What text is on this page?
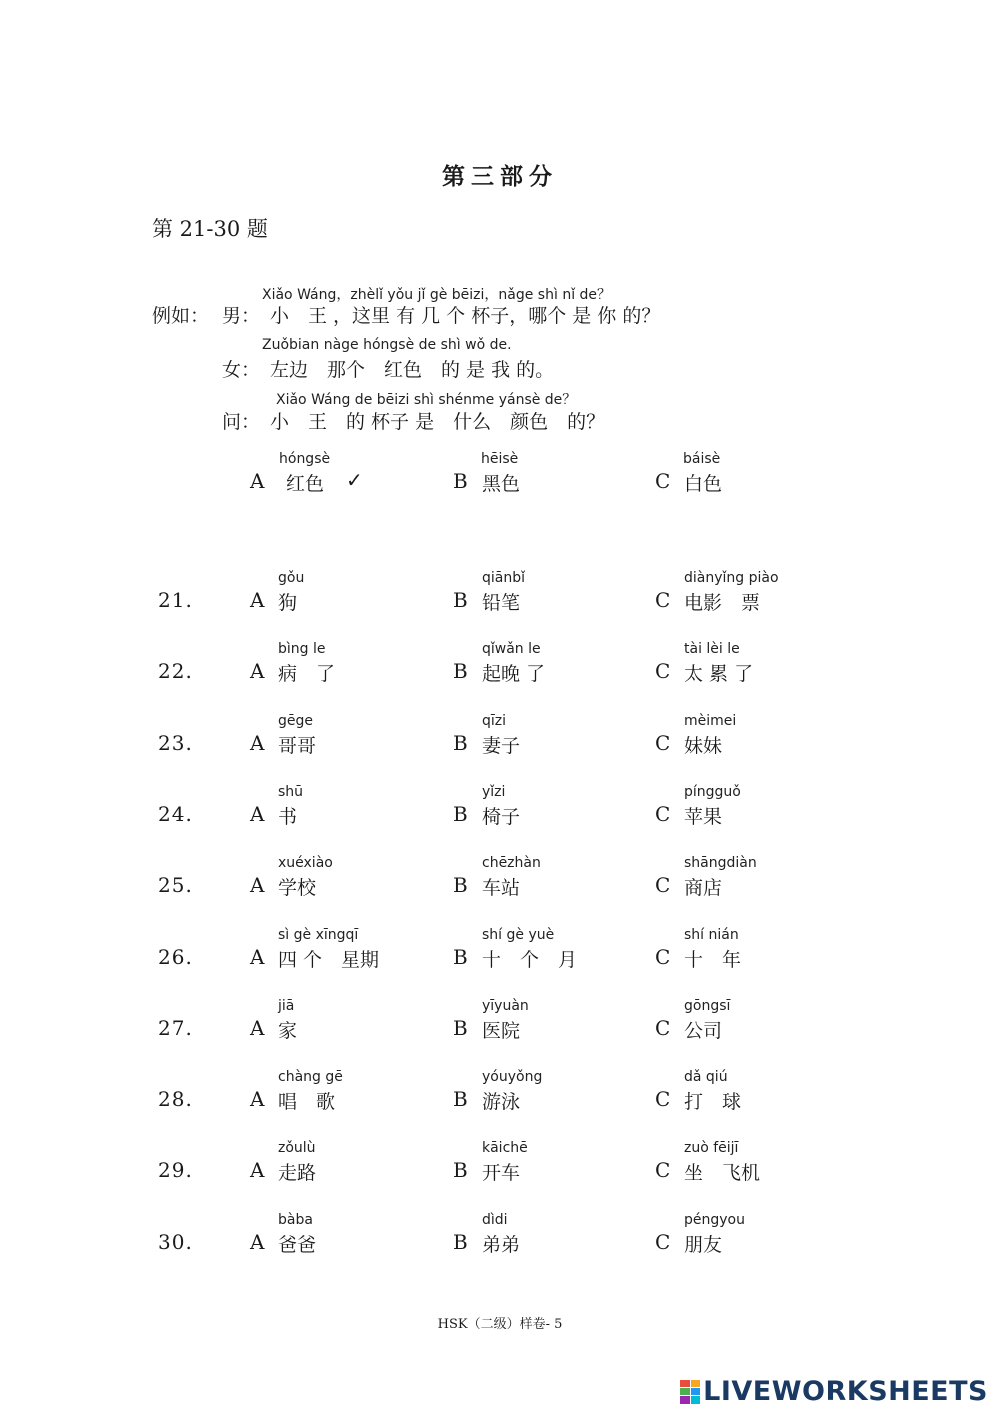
第三部分
第 21-30 题
Xiǎo Wáng，zhèlǐ yǒu jǐ gè bēizi，nǎge shì nǐ de？
例如： 男： 小　王 ，这里 有 几 个 杯子，哪个 是 你 的？
Zuǒbian nàge hóngsè de shì wǒ de.
女： 左边　那个　红色　的 是 我 的。
Xiǎo Wáng de bēizi shì shénme yánsè de？
问： 小　王　的 杯子 是　什么　颜色　的？
hóngsè
A 红色 ✓
hēisè
B 黑色
báisè
C 白色
21.
gǒu
A 狗
qiānbǐ
B 铅笔
diànyǐng piào
C 电影　票
22.
bìng le
A 病　了
qǐwǎn le
B 起晚 了
tài lèi le
C 太 累 了
23.
gēge
A 哥哥
qīzi
B 妻子
mèimei
C 妹妹
24.
shū
A 书
yǐzi
B 椅子
píngguǒ
C 苹果
25.
xuéxiào
A 学校
chēzhàn
B 车站
shāngdiàn
C 商店
26.
sì gè xīngqī
A 四 个　星期
shí gè yuè
B 十　个　月
shí nián
C 十　年
27.
jiā
A 家
yīyuàn
B 医院
gōngsī
C 公司
28.
chàng gē
A 唱　歌
yóuyǒng
B 游泳
dǎ qiú
C 打　球
29.
zǒulù
A 走路
kāichē
B 开车
zuò fēijī
C 坐　飞机
30.
bàba
A 爸爸
dìdi
B 弟弟
péngyou
C 朋友
HSK（二级）样卷- 5
LIVEWORKSHEETS
